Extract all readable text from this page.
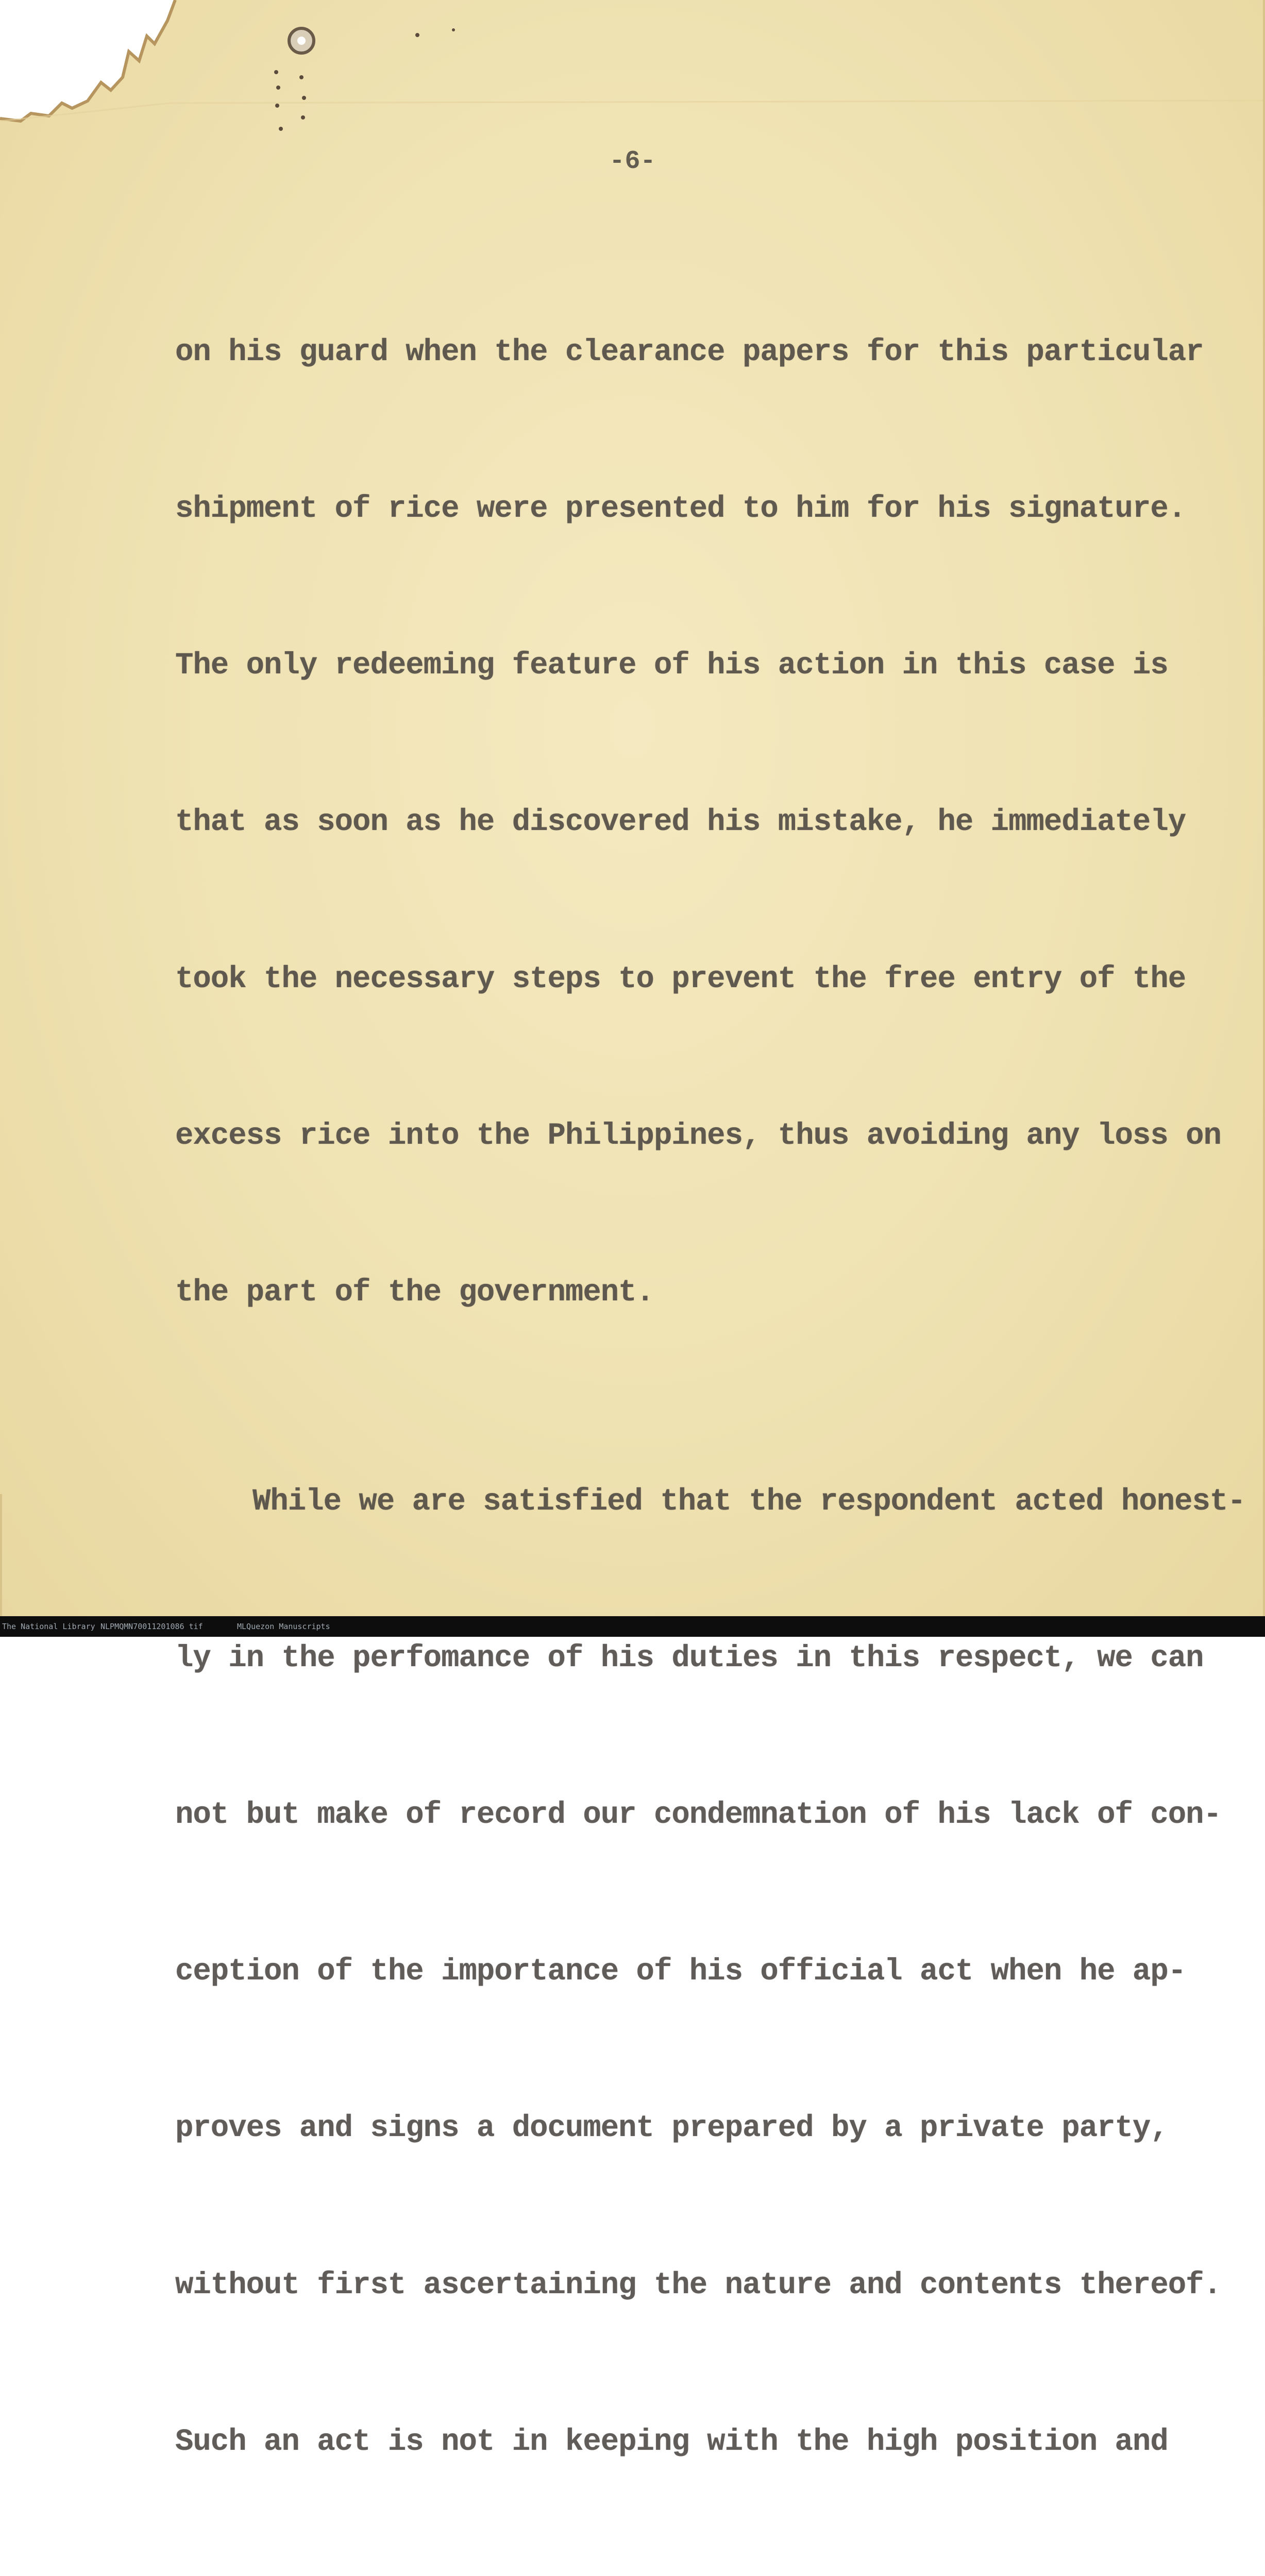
-6-

on his guard when the clearance papers for this particular

shipment of rice were presented to him for his signature.

The only redeeming feature of his action in this case is

that as soon as he discovered his mistake, he immediately

took the necessary steps to prevent the free entry of the

excess rice into the Philippines, thus avoiding any loss on

the part of the government.

While we are satisfied that the respondent acted honest-

ly in the perfomance of his duties in this respect, we can

not but make of record our condemnation of his lack of con-

ception of the importance of his official act when he ap-

proves and signs a document prepared by a private party,

without first ascertaining the nature and contents thereof.

Such an act is not in keeping with the high position and

The National Library NLPMQMN70011201086 tif	MLQuezon Manuscripts
